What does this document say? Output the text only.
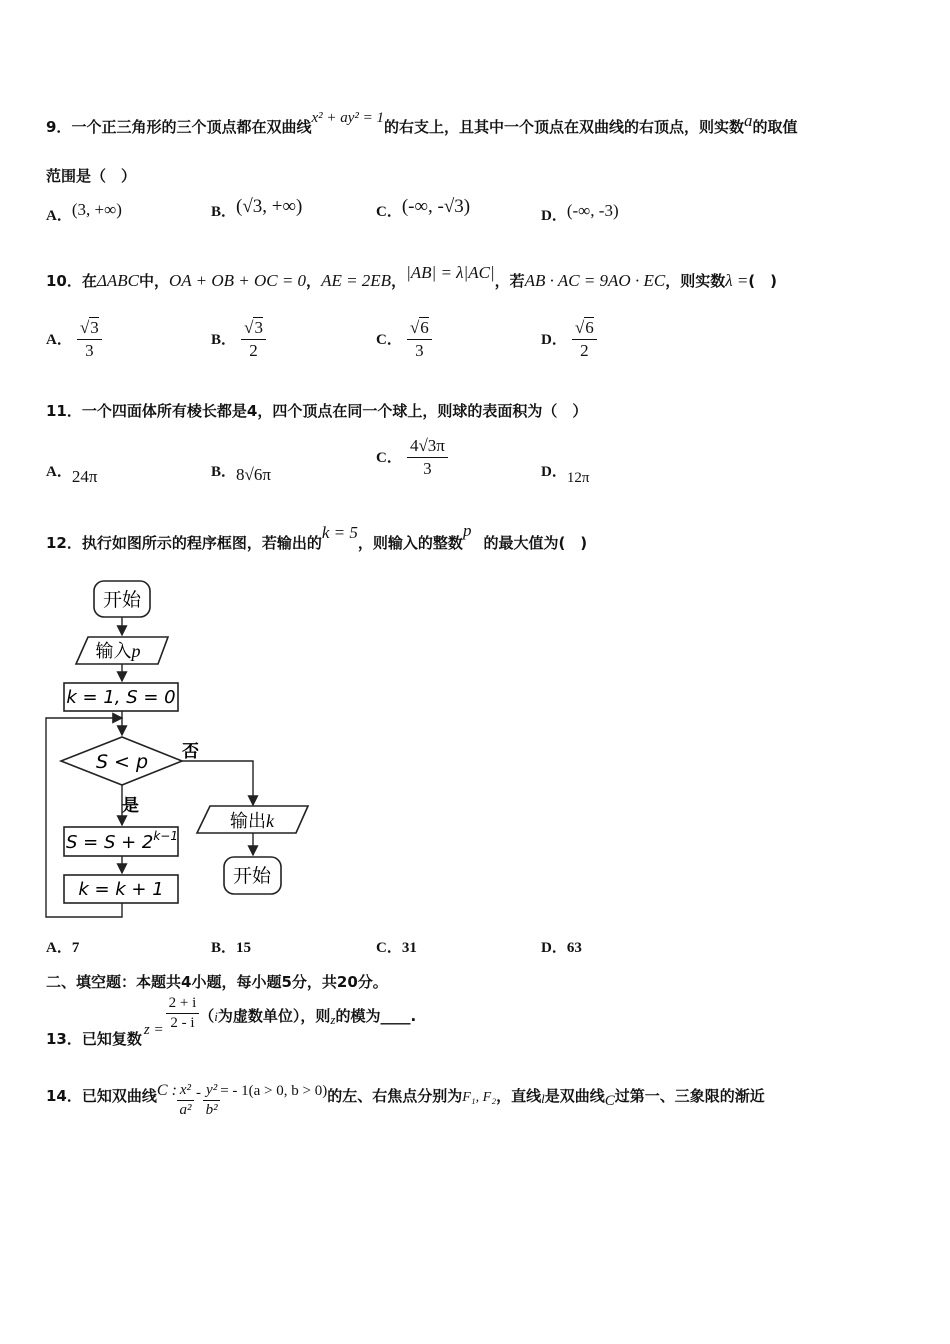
9．一个正三角形的三个顶点都在双曲线x² + ay² = 1的右支上，且其中一个顶点在双曲线的右顶点，则实数a的取值
范围是（　）
A．(3, +∞)	B．(√3, +∞)	C．(-∞, -√3)	D．(-∞, -3)
10．在ΔABC中，OA + OB + OC = 0，AE = 2EB，|AB| = λ|AC|，若AB · AC = 9AO · EC，则实数λ =(　)
A． $\frac{√3}{3}$	B． $\frac{√3}{2}$	C． $\frac{√6}{3}$	D． $\frac{√6}{2}$
11．一个四面体所有棱长都是4，四个顶点在同一个球上，则球的表面积为（　）
A．24π	B．8√6π
C． $\frac{4√3\pi}{3}$	D．12π
12．执行如图所示的程序框图，若输出的k = 5，则输入的整数p的最大值为(　)
开始
输入p
k = 1, S = 0
S < p 否
输出k
开始
是
$S = S + 2^{k-1}$
k = k + 1
A．7	B．15	C．31	D．63
二、填空题：本题共4小题，每小题5分，共20分。
13．已知复数 $z = \frac{2 + i}{2 - i} (i$为虚数单位），则z的模为____.
14．已知双曲线C : $\frac{\text{x²}}{\text{a²}} - \frac{\text{y²}}{\text{b²}}$ = - 1(a > 0, b > 0)的左、右焦点分别为F₁, F₂，直线l是双曲线C过第一、三象限的渐近
